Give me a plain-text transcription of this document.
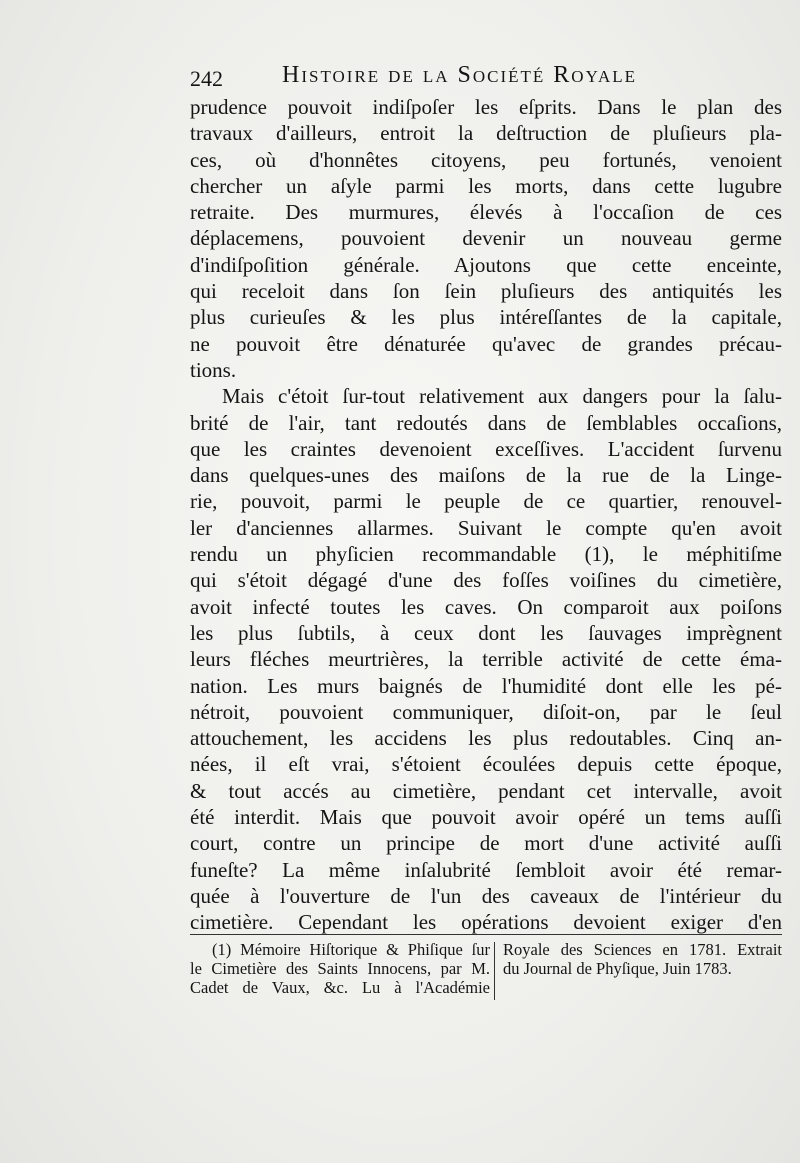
242 Histoire de la Société Royale
prudence pouvoit indiſpoſer les eſprits. Dans le plan des
travaux d'ailleurs, entroit la deſtruction de pluſieurs pla-
ces, où d'honnêtes citoyens, peu fortunés, venoient
chercher un aſyle parmi les morts, dans cette lugubre
retraite. Des murmures, élevés à l'occaſion de ces
déplacemens, pouvoient devenir un nouveau germe
d'indiſpoſition générale. Ajoutons que cette enceinte,
qui receloit dans ſon ſein pluſieurs des antiquités les
plus curieuſes & les plus intéreſſantes de la capitale,
ne pouvoit être dénaturée qu'avec de grandes précau-
tions.
Mais c'étoit ſur-tout relativement aux dangers pour la ſalu-
brité de l'air, tant redoutés dans de ſemblables occaſions,
que les craintes devenoient exceſſives. L'accident ſurvenu
dans quelques-unes des maiſons de la rue de la Linge-
rie, pouvoit, parmi le peuple de ce quartier, renouvel-
ler d'anciennes allarmes. Suivant le compte qu'en avoit
rendu un phyſicien recommandable (1), le méphitiſme
qui s'étoit dégagé d'une des foſſes voiſines du cimetière,
avoit infecté toutes les caves. On comparoit aux poiſons
les plus ſubtils, à ceux dont les ſauvages imprègnent
leurs fléches meurtrières, la terrible activité de cette éma-
nation. Les murs baignés de l'humidité dont elle les pé-
nétroit, pouvoient communiquer, diſoit-on, par le ſeul
attouchement, les accidens les plus redoutables. Cinq an-
nées, il eſt vrai, s'étoient écoulées depuis cette époque,
& tout accés au cimetière, pendant cet intervalle, avoit
été interdit. Mais que pouvoit avoir opéré un tems auſſi
court, contre un principe de mort d'une activité auſſi
funeſte? La même inſalubrité ſembloit avoir été remar-
quée à l'ouverture de l'un des caveaux de l'intérieur du
cimetière. Cependant les opérations devoient exiger d'en
(1) Mémoire Hiſtorique & Phiſique ſur
le Cimetière des Saints Innocens, par M.
Cadet de Vaux, &c. Lu à l'Académie
Royale des Sciences en 1781. Extrait
du Journal de Phyſique, Juin 1783.
